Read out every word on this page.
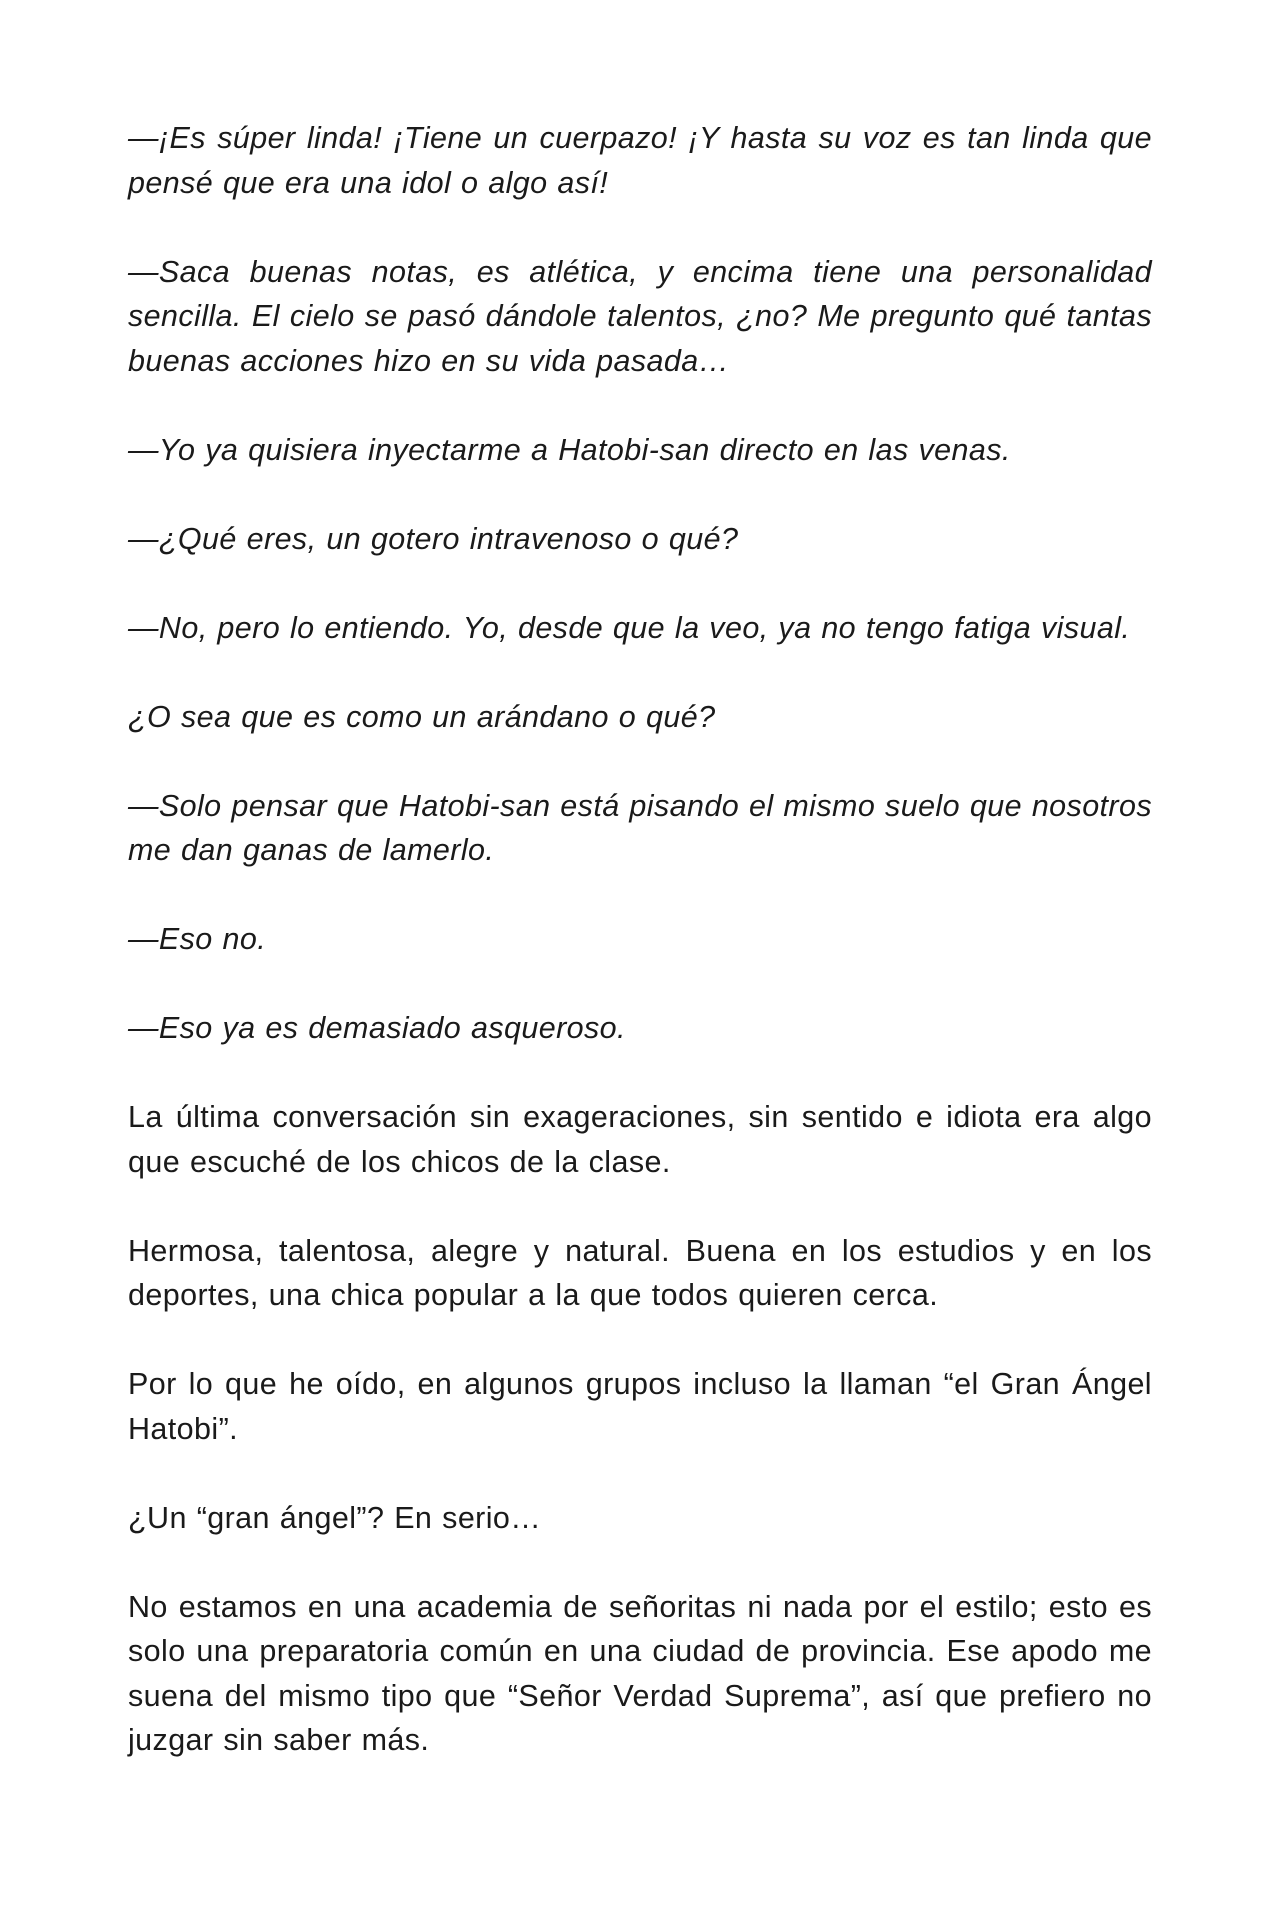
—¡Es súper linda! ¡Tiene un cuerpazo! ¡Y hasta su voz es tan linda que pensé que era una idol o algo así!

—Saca buenas notas, es atlética, y encima tiene una personalidad sencilla. El cielo se pasó dándole talentos, ¿no? Me pregunto qué tantas buenas acciones hizo en su vida pasada…

—Yo ya quisiera inyectarme a Hatobi-san directo en las venas.

—¿Qué eres, un gotero intravenoso o qué?

—No, pero lo entiendo. Yo, desde que la veo, ya no tengo fatiga visual.

¿O sea que es como un arándano o qué?

—Solo pensar que Hatobi-san está pisando el mismo suelo que nosotros me dan ganas de lamerlo.

—Eso no.

—Eso ya es demasiado asqueroso.

La última conversación sin exageraciones, sin sentido e idiota era algo que escuché de los chicos de la clase.

Hermosa, talentosa, alegre y natural. Buena en los estudios y en los deportes, una chica popular a la que todos quieren cerca.

Por lo que he oído, en algunos grupos incluso la llaman “el Gran Ángel Hatobi”.

¿Un “gran ángel”? En serio…

No estamos en una academia de señoritas ni nada por el estilo; esto es solo una preparatoria común en una ciudad de provincia. Ese apodo me suena del mismo tipo que “Señor Verdad Suprema”, así que prefiero no juzgar sin saber más.
